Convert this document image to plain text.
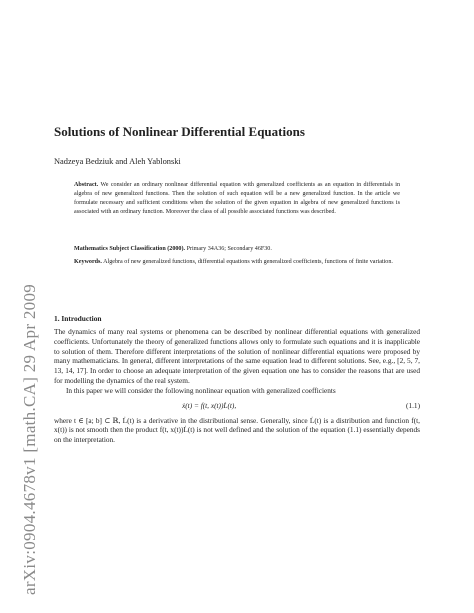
arXiv:0904.4678v1 [math.CA] 29 Apr 2009
Solutions of Nonlinear Differential Equations
Nadzeya Bedziuk and Aleh Yablonski
Abstract. We consider an ordinary nonlinear differential equation with generalized coefficients as an equation in differentials in algebra of new generalized functions. Then the solution of such equation will be a new generalized function. In the article we formulate necessary and sufficient conditions when the solution of the given equation in algebra of new generalized functions is associated with an ordinary function. Moreover the class of all possible associated functions was described.
Mathematics Subject Classification (2000). Primary 34A36; Secondary 46F30.
Keywords. Algebra of new generalized functions, differential equations with generalized coefficients, functions of finite variation.
1. Introduction

The dynamics of many real systems or phenomena can be described by nonlinear differential equations with generalized coefficients. Unfortunately the theory of generalized functions allows only to formulate such equations and it is inapplicable to solution of them. Therefore different interpretations of the solution of nonlinear differential equations were proposed by many mathematicians. In general, different interpretations of the same equation lead to different solutions. See, e.g., [2, 5, 7, 13, 14, 17]. In order to choose an adequate interpretation of the given equation one has to consider the reasons that are used for modelling the dynamics of the real system.

In this paper we will consider the following nonlinear equation with generalized coefficients

ẋ(t) = f(t, x(t))L̇(t),	(1.1)

where t ∈ [a; b] ⊂ ℝ, L̇(t) is a derivative in the distributional sense. Generally, since L̇(t) is a distribution and function f(t, x(t)) is not smooth then the product f(t, x(t))L̇(t) is not well defined and the solution of the equation (1.1) essentially depends on the interpretation.
